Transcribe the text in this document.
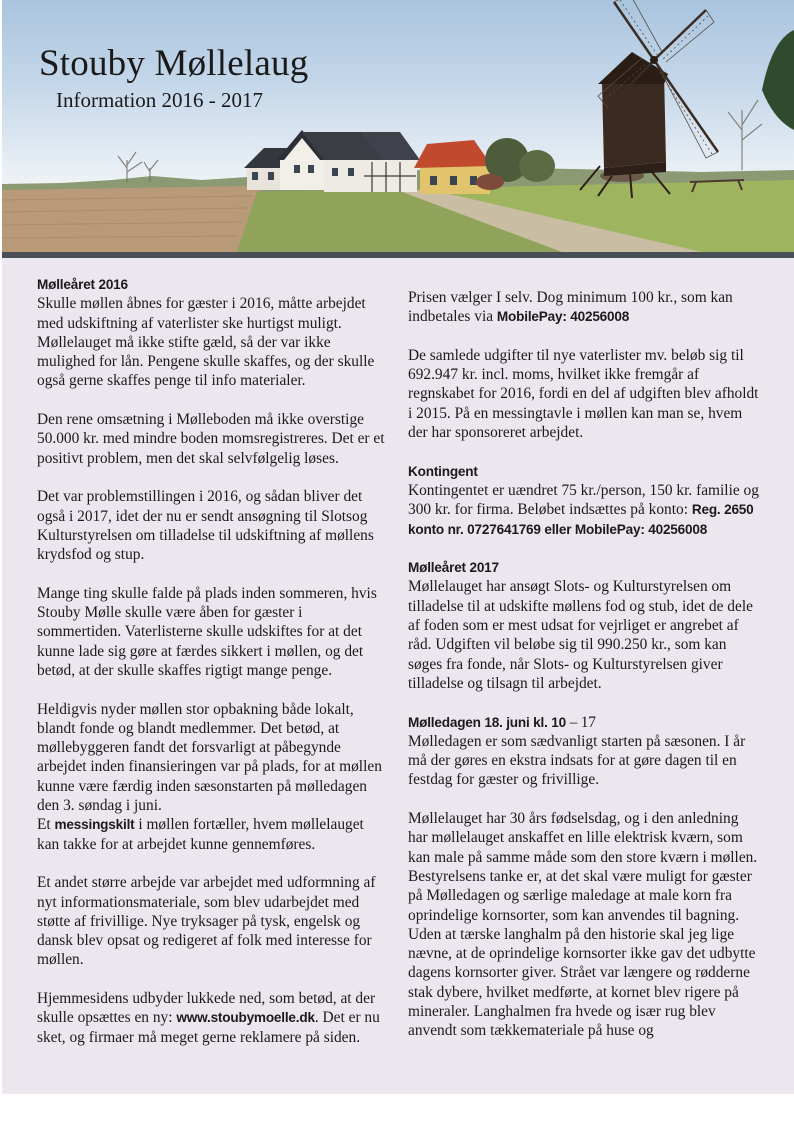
Stouby Møllelaug
Information 2016 - 2017
Mølleåret 2016

Skulle møllen åbnes for gæster i 2016, måtte arbejdet med udskiftning af vaterlister ske hurtigst muligt. Møllelauget må ikke stifte gæld, så der var ikke mulighed for lån. Pengene skulle skaffes, og der skulle også gerne skaffes penge til info materialer.

Den rene omsætning i Mølleboden må ikke overstige 50.000 kr. med mindre boden momsregistreres. Det er et positivt problem, men det skal selvfølgelig løses.

Det var problemstillingen i 2016, og sådan bliver det også i 2017, idet der nu er sendt ansøgning til Slotsog Kulturstyrelsen om tilladelse til udskiftning af møllens krydsfod og stup.

Mange ting skulle falde på plads inden sommeren, hvis Stouby Mølle skulle være åben for gæster i sommertiden. Vaterlisterne skulle udskiftes for at det kunne lade sig gøre at færdes sikkert i møllen, og det betød, at der skulle skaffes rigtigt mange penge.

Heldigvis nyder møllen stor opbakning både lokalt, blandt fonde og blandt medlemmer. Det betød, at møllebyggeren fandt det forsvarligt at påbegynde arbejdet inden finansieringen var på plads, for at møllen kunne være færdig inden sæsonstarten på mølledagen den 3. søndag i juni.

Et messingskilt i møllen fortæller, hvem møllelauget kan takke for at arbejdet kunne gennemføres.

Et andet større arbejde var arbejdet med udformning af nyt informationsmateriale, som blev udarbejdet med støtte af frivillige. Nye tryksager på tysk, engelsk og dansk blev opsat og redigeret af folk med interesse for møllen.

Hjemmesidens udbyder lukkede ned, som betød, at der skulle opsættes en ny: www.stoubymoelle.dk. Det er nu sket, og firmaer må meget gerne reklamere på siden.

Prisen vælger I selv. Dog minimum 100 kr., som kan indbetales via MobilePay: 40256008

De samlede udgifter til nye vaterlister mv. beløb sig til 692.947 kr. incl. moms, hvilket ikke fremgår af regnskabet for 2016, fordi en del af udgiften blev afholdt i 2015. På en messingtavle i møllen kan man se, hvem der har sponsoreret arbejdet.

Kontingent

Kontingentet er uændret 75 kr./person, 150 kr. familie og 300 kr. for firma. Beløbet indsættes på konto: Reg. 2650 konto nr. 0727641769 eller MobilePay: 40256008

Mølleåret 2017

Møllelauget har ansøgt Slots- og Kulturstyrelsen om tilladelse til at udskifte møllens fod og stub, idet de dele af foden som er mest udsat for vejrliget er angrebet af råd. Udgiften vil beløbe sig til 990.250 kr., som kan søges fra fonde, når Slots- og Kulturstyrelsen giver tilladelse og tilsagn til arbejdet.

Mølledagen 18. juni kl. 10 – 17

Mølledagen er som sædvanligt starten på sæsonen. I år må der gøres en ekstra indsats for at gøre dagen til en festdag for gæster og frivillige.

Møllelauget har 30 års fødselsdag, og i den anledning har møllelauget anskaffet en lille elektrisk kværn, som kan male på samme måde som den store kværn i møllen. Bestyrelsens tanke er, at det skal være muligt for gæster på Mølledagen og særlige maledage at male korn fra oprindelige kornsorter, som kan anvendes til bagning.

Uden at tærske langhalm på den historie skal jeg lige nævne, at de oprindelige kornsorter ikke gav det udbytte dagens kornsorter giver. Strået var længere og rødderne stak dybere, hvilket medførte, at kornet blev rigere på mineraler. Langhalmen fra hvede og især rug blev anvendt som tækkemateriale på huse og
